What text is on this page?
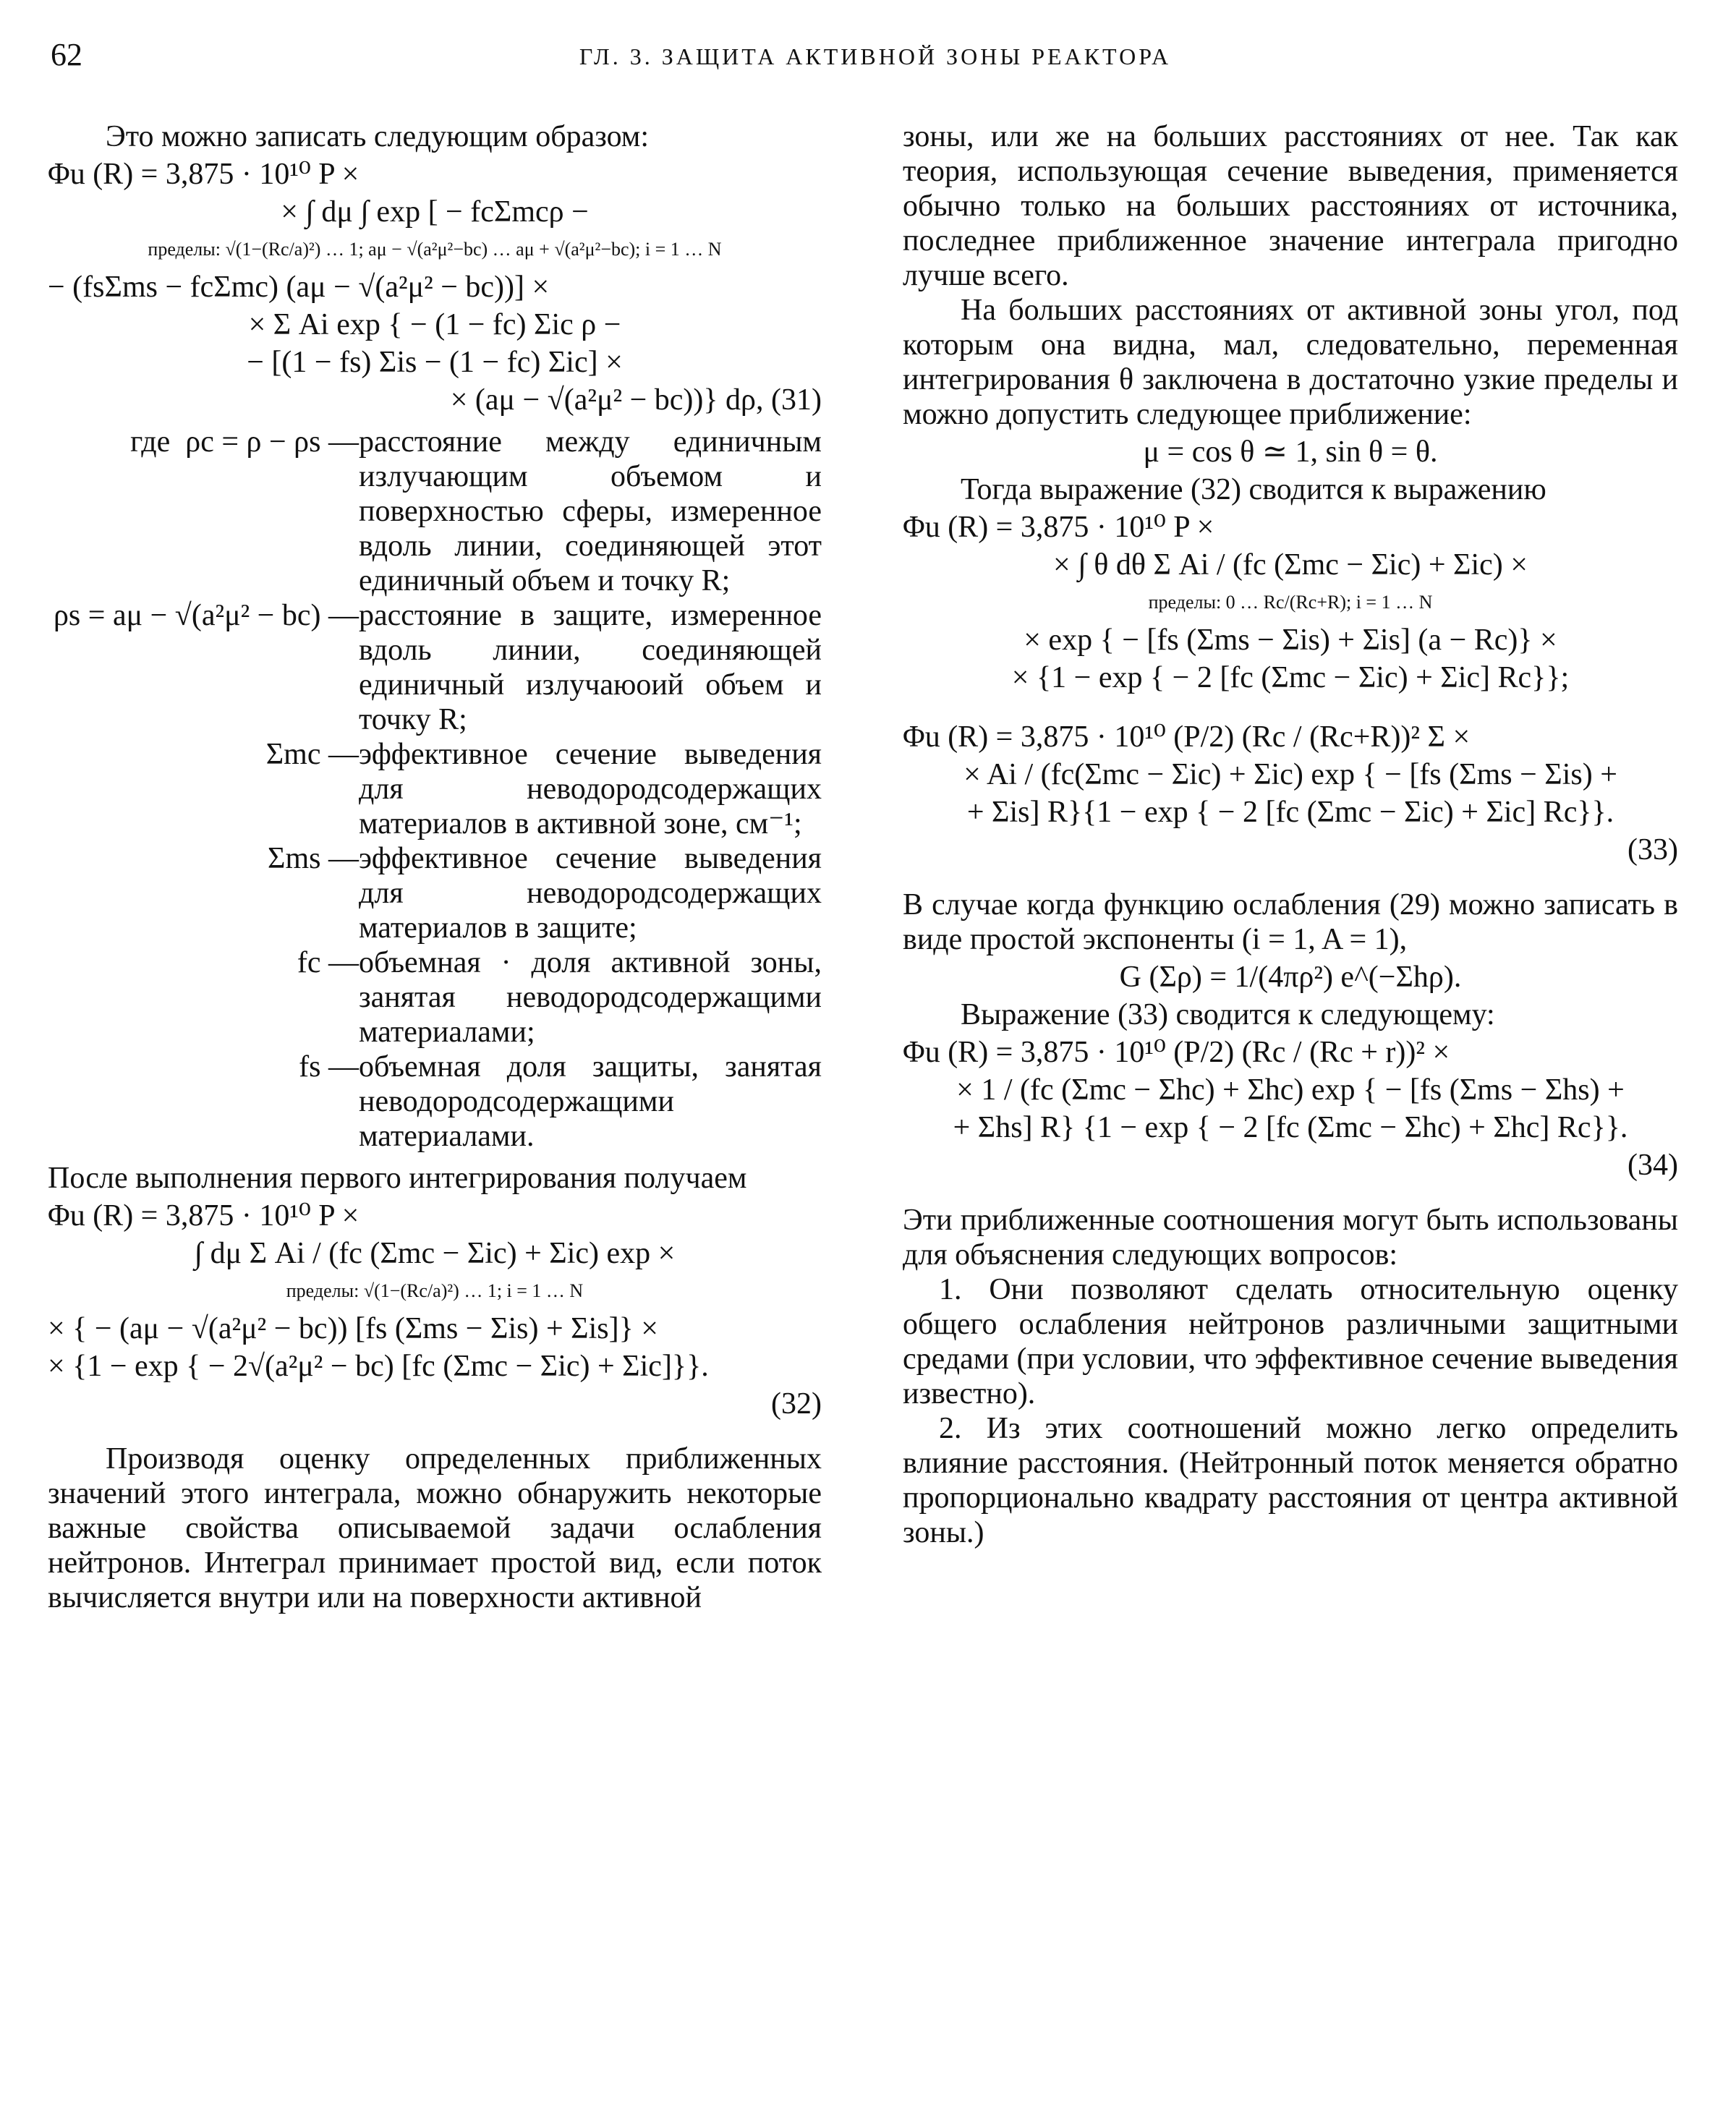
62	ГЛ. 3. ЗАЩИТА АКТИВНОЙ ЗОНЫ РЕАКТОРА

Это можно записать следующим образом:

Φu (R) = 3,875 · 10¹⁰ P ×
× ∫ dμ ∫ exp [ − fcΣmcρ −
пределы: √(1−(Rc/a)²) … 1; aμ − √(a²μ²−bc) … aμ + √(a²μ²−bc); i = 1 … N
− (fsΣms − fcΣmc) (aμ − √(a²μ² − bc))] ×
× Σ Ai exp { − (1 − fc) Σic ρ −
− [(1 − fs) Σis − (1 − fc) Σic] ×
× (aμ − √(a²μ² − bc))} dρ, (31)
где ρc = ρ − ρs — расстояние между единичным излучающим объемом и поверхностью сферы, измеренное вдоль линии, соединяющей этот единичный объем и точку R;
ρs = aμ − √(a²μ² − bc) — расстояние в защите, измеренное вдоль линии, соединяющей единичный излучаюоий объем и точку R;
Σmc — эффективное сечение выведения для неводородсодержащих материалов в активной зоне, см⁻¹;
Σms — эффективное сечение выведения для неводородсодержащих материалов в защите;
fc — объемная · доля активной зоны, занятая неводородсодержащими материалами;
fs — объемная доля защиты, занятая неводородсодержащими материалами.

После выполнения первого интегрирования получаем

Φu (R) = 3,875 · 10¹⁰ P ×
∫ dμ Σ Ai / (fc (Σmc − Σic) + Σic) exp ×
пределы: √(1−(Rc/a)²) … 1; i = 1 … N
× { − (aμ − √(a²μ² − bc)) [fs (Σms − Σis) + Σis]} ×
× {1 − exp { − 2√(a²μ² − bc) [fc (Σmc − Σic) + Σic]}}.
(32)

Производя оценку определенных приближенных значений этого интеграла, можно обнаружить некоторые важные свойства описываемой задачи ослабления нейтронов. Интеграл принимает простой вид, если поток вычисляется внутри или на поверхности активной

зоны, или же на больших расстояниях от нее. Так как теория, использующая сечение выведения, применяется обычно только на больших расстояниях от источника, последнее приближенное значение интеграла пригодно лучше всего.

На больших расстояниях от активной зоны угол, под которым она видна, мал, следовательно, переменная интегрирования θ заключена в достаточно узкие пределы и можно допустить следующее приближение:

μ = cos θ ≃ 1, sin θ = θ.

Тогда выражение (32) сводится к выражению

Φu (R) = 3,875 · 10¹⁰ P ×
× ∫ θ dθ Σ Ai / (fc (Σmc − Σic) + Σic) ×
пределы: 0 … Rc/(Rc+R); i = 1 … N
× exp { − [fs (Σms − Σis) + Σis] (a − Rc)} ×
× {1 − exp { − 2 [fc (Σmc − Σic) + Σic] Rc}};
Φu (R) = 3,875 · 10¹⁰ (P/2) (Rc / (Rc+R))² Σ ×
× Ai / (fc(Σmc − Σic) + Σic) exp { − [fs (Σms − Σis) +
+ Σis] R}{1 − exp { − 2 [fc (Σmc − Σic) + Σic] Rc}}.
(33)

В случае когда функцию ослабления (29) можно записать в виде простой экспоненты (i = 1, A = 1),

G (Σρ) = 1/(4πρ²) e^(−Σhρ).

Выражение (33) сводится к следующему:

Φu (R) = 3,875 · 10¹⁰ (P/2) (Rc / (Rc + r))² ×
× 1 / (fc (Σmc − Σhc) + Σhc) exp { − [fs (Σms − Σhs) +
+ Σhs] R} {1 − exp { − 2 [fc (Σmc − Σhc) + Σhc] Rc}}.
(34)

Эти приближенные соотношения могут быть использованы для объяснения следующих вопросов:

1. Они позволяют сделать относительную оценку общего ослабления нейтронов различными защитными средами (при условии, что эффективное сечение выведения известно).

2. Из этих соотношений можно легко определить влияние расстояния. (Нейтронный поток меняется обратно пропорционально квадрату расстояния от центра активной зоны.)
